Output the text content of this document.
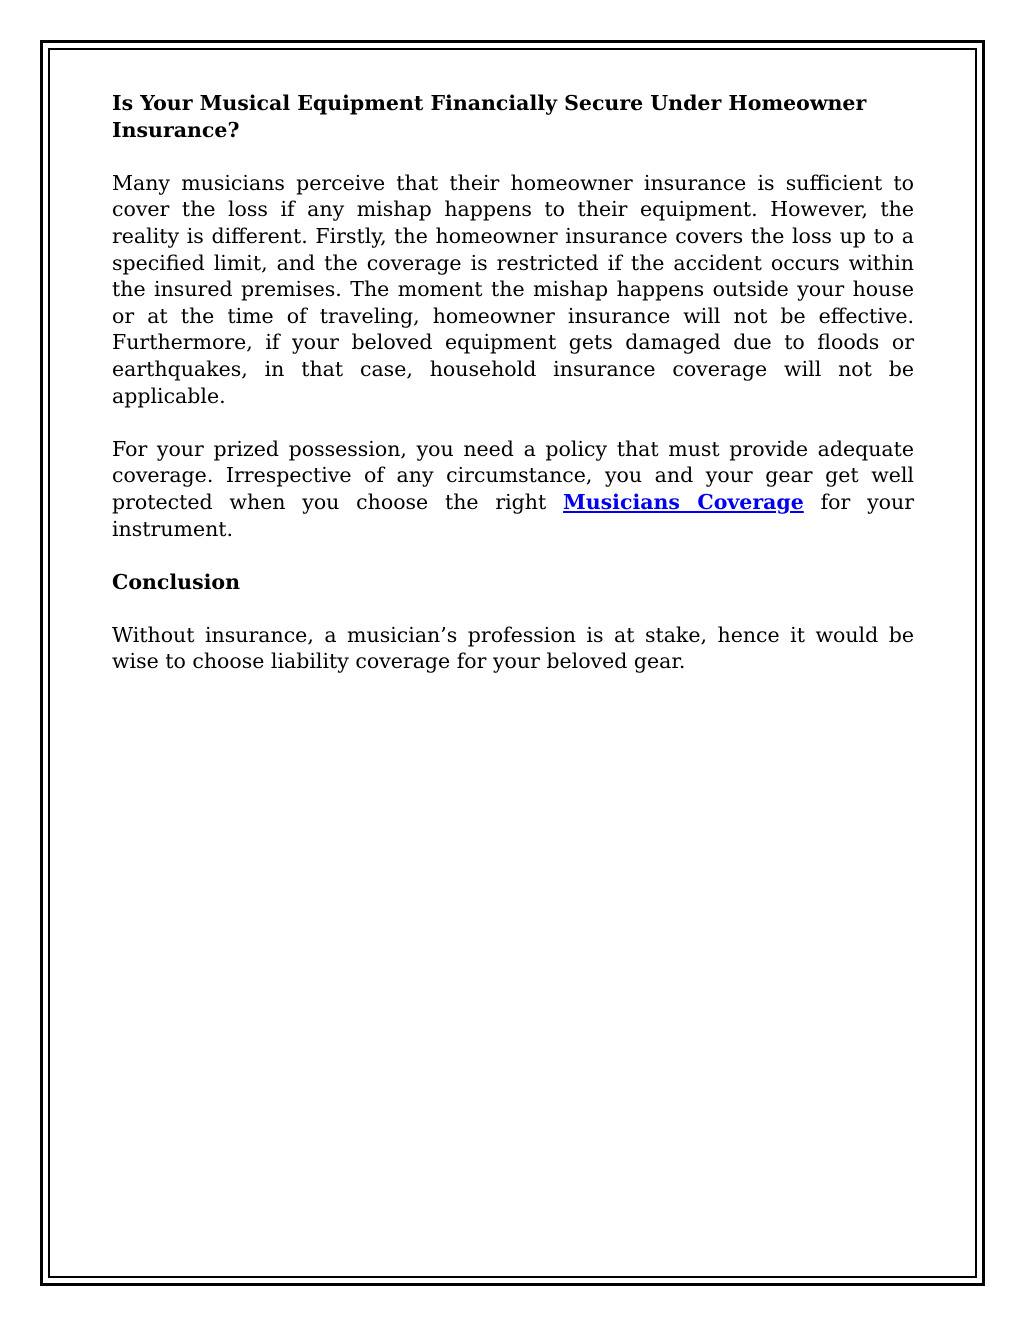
Is Your Musical Equipment Financially Secure Under Homeowner Insurance?

Many musicians perceive that their homeowner insurance is sufficient to cover the loss if any mishap happens to their equipment. However, the reality is different. Firstly, the homeowner insurance covers the loss up to a specified limit, and the coverage is restricted if the accident occurs within the insured premises. The moment the mishap happens outside your house or at the time of traveling, homeowner insurance will not be effective. Furthermore, if your beloved equipment gets damaged due to floods or earthquakes, in that case, household insurance coverage will not be applicable.

For your prized possession, you need a policy that must provide adequate coverage. Irrespective of any circumstance, you and your gear get well protected when you choose the right Musicians Coverage for your instrument.

Conclusion

Without insurance, a musician’s profession is at stake, hence it would be wise to choose liability coverage for your beloved gear.
